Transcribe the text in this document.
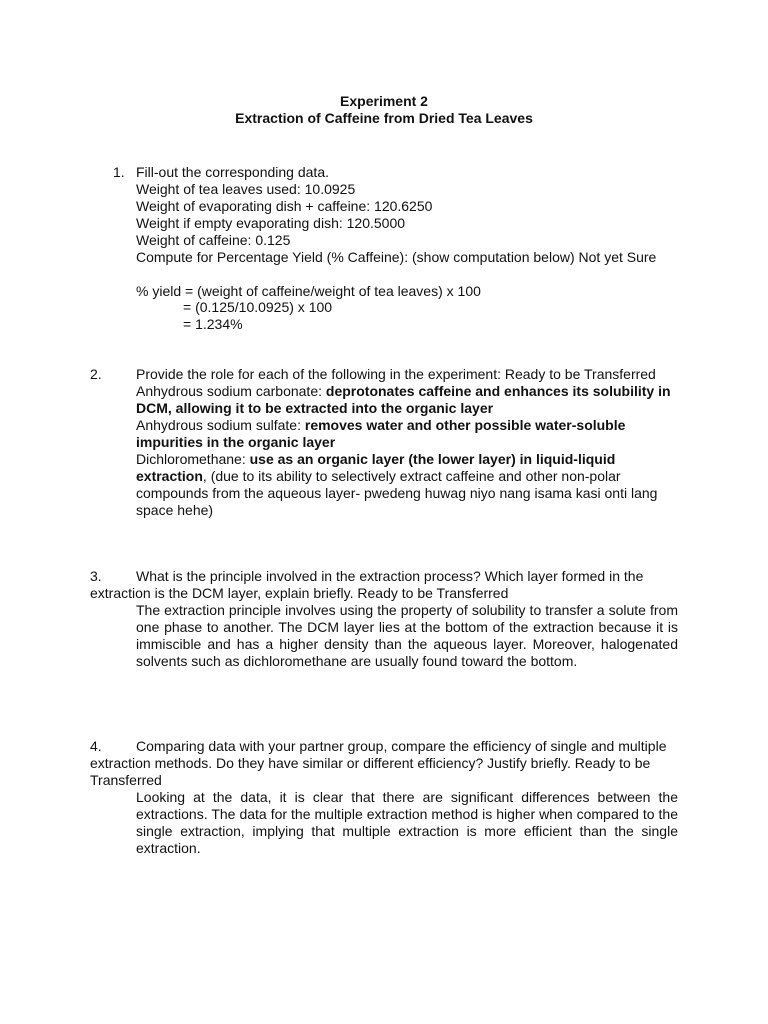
Experiment 2
Extraction of Caffeine from Dried Tea Leaves
1. Fill-out the corresponding data.
Weight of tea leaves used: 10.0925
Weight of evaporating dish + caffeine: 120.6250
Weight if empty evaporating dish: 120.5000
Weight of caffeine: 0.125
Compute for Percentage Yield (% Caffeine): (show computation below) Not yet Sure
% yield = (weight of caffeine/weight of tea leaves) x 100
= (0.125/10.0925) x 100
= 1.234%
2. Provide the role for each of the following in the experiment: Ready to be Transferred
Anhydrous sodium carbonate: deprotonates caffeine and enhances its solubility in
DCM, allowing it to be extracted into the organic layer
Anhydrous sodium sulfate: removes water and other possible water-soluble
impurities in the organic layer
Dichloromethane: use as an organic layer (the lower layer) in liquid-liquid
extraction, (due to its ability to selectively extract caffeine and other non-polar
compounds from the aqueous layer- pwedeng huwag niyo nang isama kasi onti lang
space hehe)
3. What is the principle involved in the extraction process? Which layer formed in the
extraction is the DCM layer, explain briefly. Ready to be Transferred
The extraction principle involves using the property of solubility to transfer a solute from one phase to another. The DCM layer lies at the bottom of the extraction because it is immiscible and has a higher density than the aqueous layer. Moreover, halogenated solvents such as dichloromethane are usually found toward the bottom.
4. Comparing data with your partner group, compare the efficiency of single and multiple
extraction methods. Do they have similar or different efficiency? Justify briefly. Ready to be
Transferred
Looking at the data, it is clear that there are significant differences between the extractions. The data for the multiple extraction method is higher when compared to the single extraction, implying that multiple extraction is more efficient than the single extraction.
